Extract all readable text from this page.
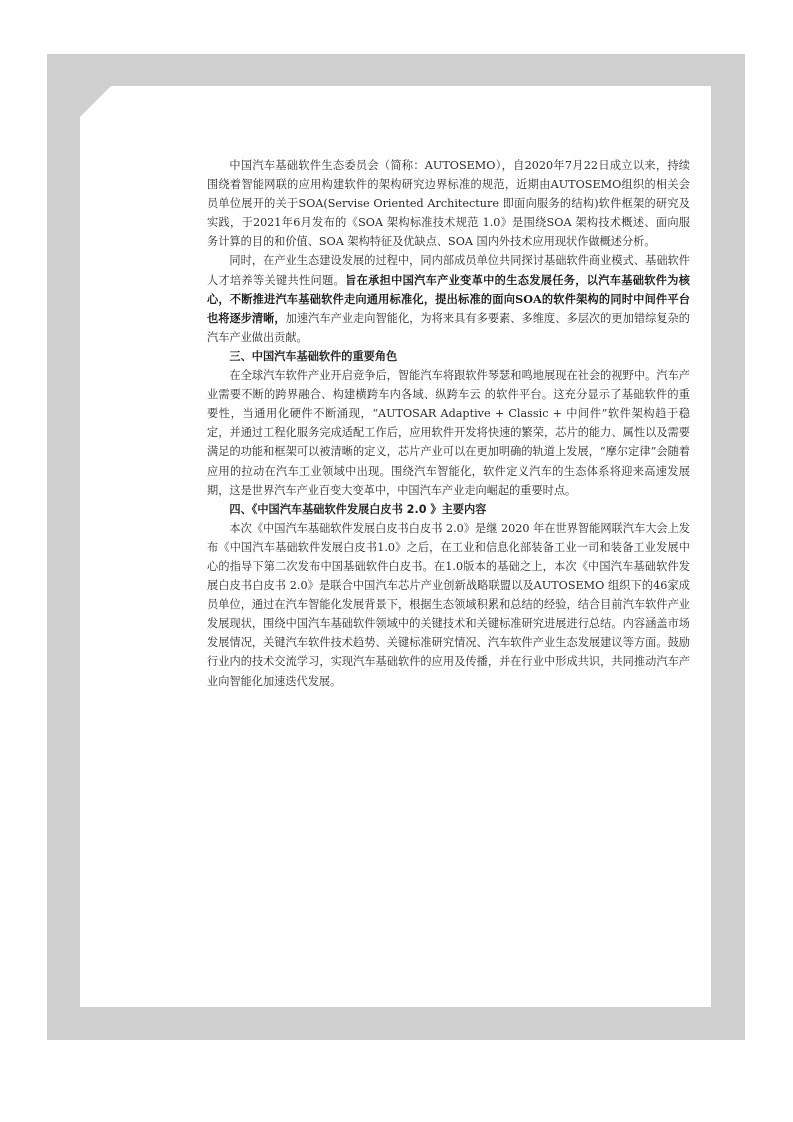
中国汽车基础软件生态委员会（简称：AUTOSEMO），自2020年7月22日成立以来，持续围绕着智能网联的应用构建软件的架构研究边界标准的规范，近期由AUTOSEMO组织的相关会员单位展开的关于SOA(Servise Oriented Architecture 即面向服务的结构)软件框架的研究及实践，于2021年6月发布的《SOA 架构标准技术规范 1.0》是围绕SOA 架构技术概述、面向服务计算的目的和价值、SOA 架构特征及优缺点、SOA 国内外技术应用现状作做概述分析。

同时，在产业生态建设发展的过程中，同内部成员单位共同探讨基础软件商业模式、基础软件人才培养等关键共性问题。旨在承担中国汽车产业变革中的生态发展任务，以汽车基础软件为核心，不断推进汽车基础软件走向通用标准化，提出标准的面向SOA的软件架构的同时中间件平台也将逐步清晰，加速汽车产业走向智能化，为将来具有多要素、多维度、多层次的更加错综复杂的汽车产业做出贡献。

三、中国汽车基础软件的重要角色

在全球汽车软件产业开启竞争后，智能汽车将跟软件琴瑟和鸣地展现在社会的视野中。汽车产业需要不断的跨界融合、构建横跨车内各域、纵跨车云 的软件平台。这充分显示了基础软件的重要性，当通用化硬件不断涌现，“AUTOSAR Adaptive + Classic + 中间件”软件架构趋于稳定，并通过工程化服务完成适配工作后，应用软件开发将快速的繁荣，芯片的能力、属性以及需要满足的功能和框架可以被清晰的定义，芯片产业可以在更加明确的轨道上发展，“摩尔定律”会随着应用的拉动在汽车工业领域中出现。围绕汽车智能化，软件定义汽车的生态体系将迎来高速发展期，这是世界汽车产业百变大变革中，中国汽车产业走向崛起的重要时点。

四、《中国汽车基础软件发展白皮书 2.0 》主要内容

本次《中国汽车基础软件发展白皮书白皮书 2.0》是继 2020 年在世界智能网联汽车大会上发布《中国汽车基础软件发展白皮书1.0》之后，在工业和信息化部装备工业一司和装备工业发展中心的指导下第二次发布中国基础软件白皮书。在1.0版本的基础之上，本次《中国汽车基础软件发展白皮书白皮书 2.0》是联合中国汽车芯片产业创新战略联盟以及AUTOSEMO 组织下的46家成员单位，通过在汽车智能化发展背景下，根据生态领域积累和总结的经验，结合目前汽车软件产业发展现状，围绕中国汽车基础软件领域中的关键技术和关键标准研究进展进行总结。内容涵盖市场发展情况，关键汽车软件技术趋势、关键标准研究情况、汽车软件产业生态发展建议等方面。鼓励行业内的技术交流学习，实现汽车基础软件的应用及传播，并在行业中形成共识，共同推动汽车产业向智能化加速迭代发展。
